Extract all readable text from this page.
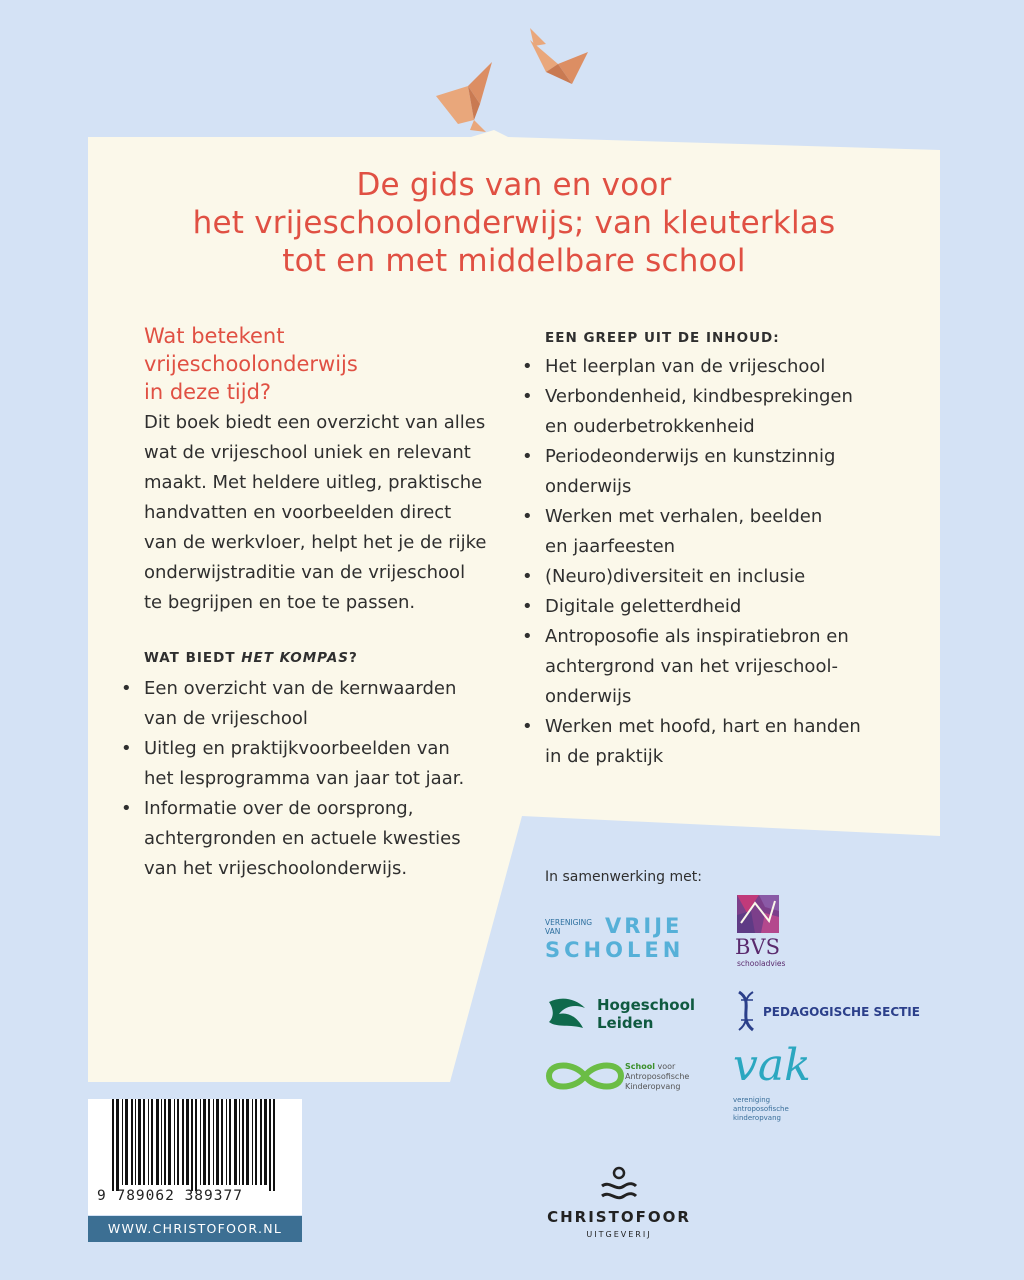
De gids van en voor
het vrijeschoolonderwijs; van kleuterklas
tot en met middelbare school

Wat betekent vrijeschoolonderwijs
in deze tijd?

Dit boek biedt een overzicht van alles
wat de vrijeschool uniek en relevant
maakt. Met heldere uitleg, praktische
handvatten en voorbeelden direct
van de werkvloer, helpt het je de rijke
onderwijstraditie van de vrijeschool
te begrijpen en toe te passen.

WAT BIEDT HET KOMPAS?

• Een overzicht van de kernwaarden
van de vrijeschool
• Uitleg en praktijkvoorbeelden van
het lesprogramma van jaar tot jaar.
• Informatie over de oorsprong,
achtergronden en actuele kwesties
van het vrijeschoolonderwijs.

EEN GREEP UIT DE INHOUD:

• Het leerplan van de vrijeschool
• Verbondenheid, kindbesprekingen
en ouderbetrokkenheid
• Periodeonderwijs en kunstzinnig
onderwijs
• Werken met verhalen, beelden
en jaarfeesten
• (Neuro)diversiteit en inclusie
• Digitale geletterdheid
• Antroposofie als inspiratiebron en
achtergrond van het vrijeschool-
onderwijs
• Werken met hoofd, hart en handen
in de praktijk
In samenwerking met:
VERENIGING VAN	VRIJE
SCHOLEN BVS
schooladvies
Hogeschool
Leiden
PEDAGOGISCHE SECTIE
School voor
Antroposofische
Kinderopvang vak
vereniging
antroposofische
kinderopvang
9 789062 389377
WWW.CHRISTOFOOR.NL
CHRISTOFOOR
UITGEVERIJ
